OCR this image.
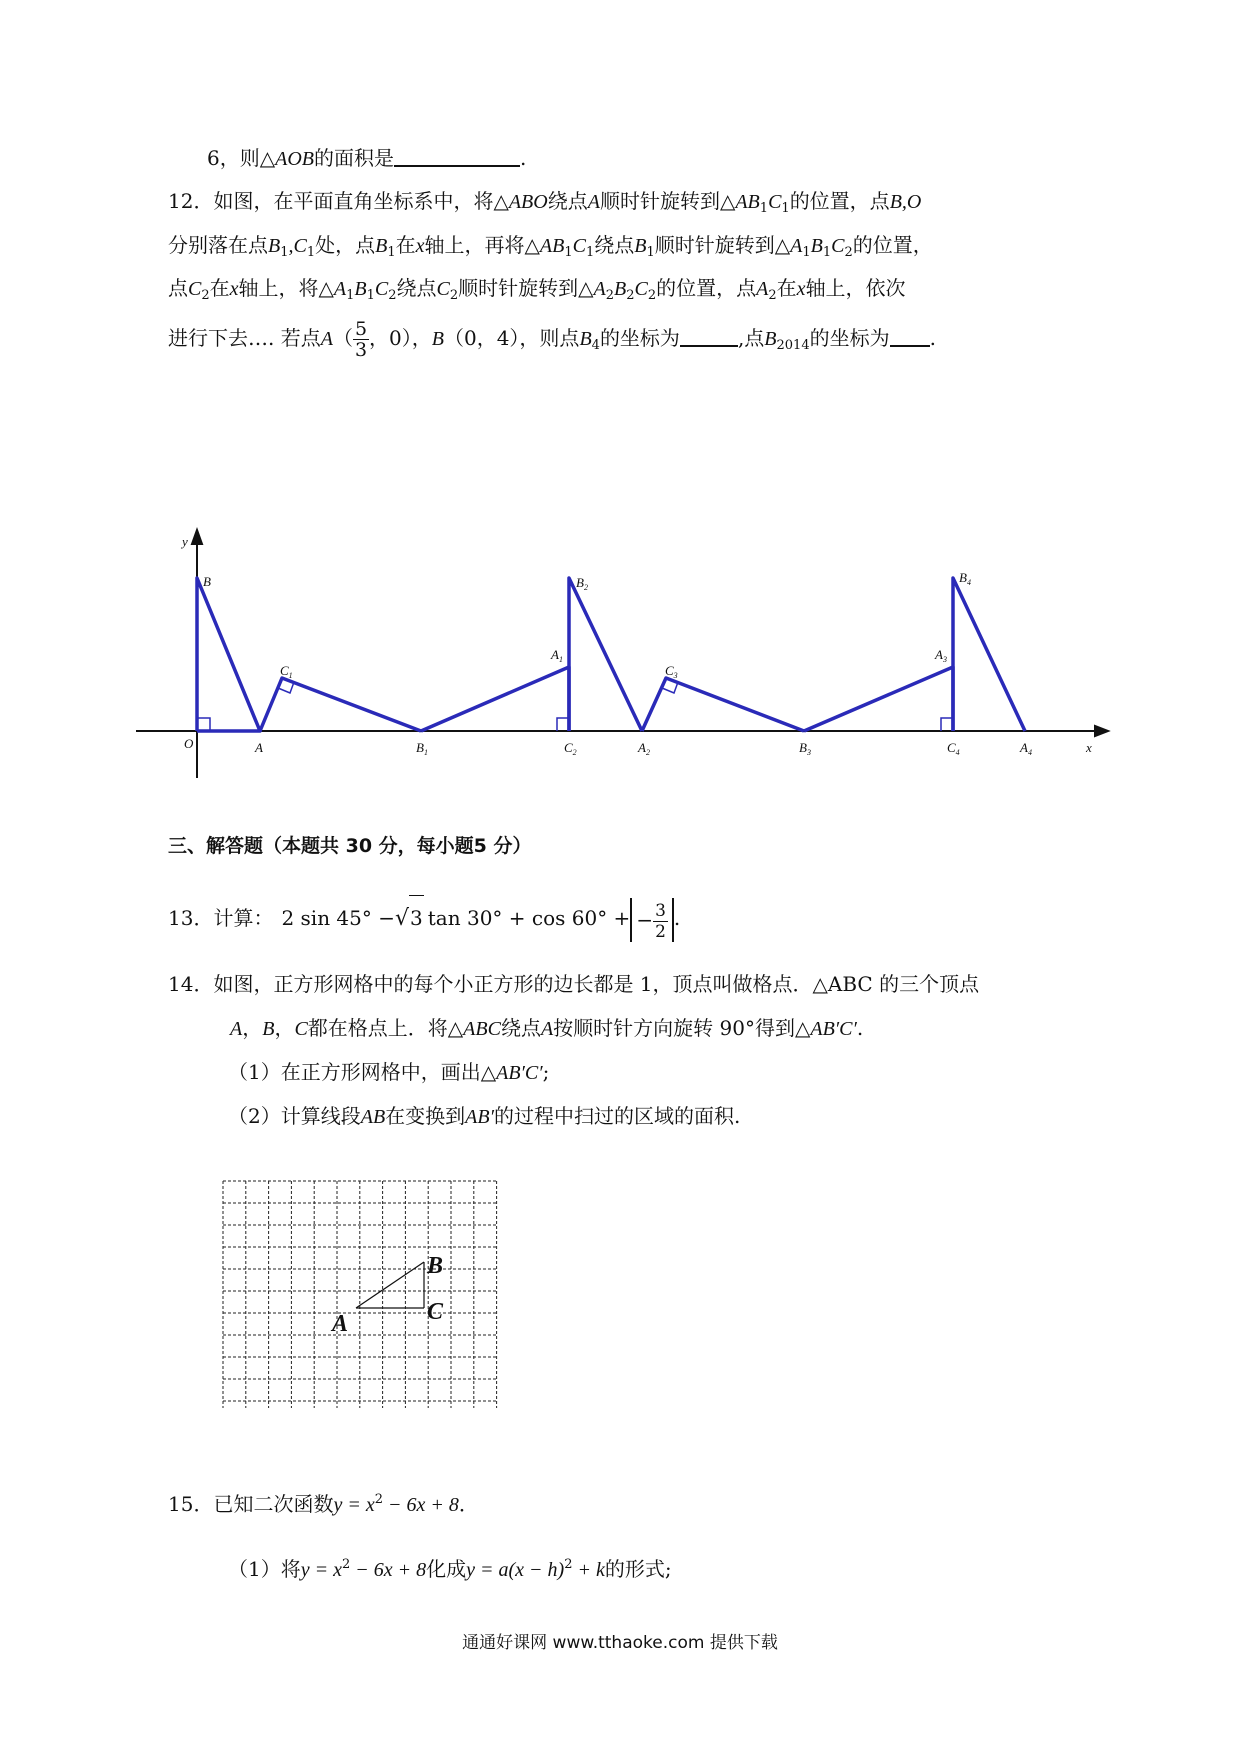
6，则△AOB的面积是	.
12．如图，在平面直角坐标系中，将△ABO绕点A顺时针旋转到$\triangle AB_1C_1$的位置，点B,O
分别落在点$B_1,C_1$处，点$B_1$在x轴上，再将$\triangle AB_1C_1$绕点$B_1$顺时针旋转到$\triangle A_1B_1C_2$的位置，
点$C_2$在x轴上，将$\triangle A_1B_1C_2$绕点$C_2$顺时针旋转到$\triangle A_2B_2C_2$的位置，点$A_2$在x轴上，依次
进行下去…. 若点$A( \frac{5}{3}$ ，0），B（0，4），则点$B_4$的坐标为	,点$B_{2014}$的坐标为 .
y
x
O
B
A
$C_1$
$B_1$
$A_1$
$B_2$
$C_2$	$A_2$
$C_3$
$B_3$
$A_3$
$B_4$
$C_4$	$A_4$
三、解答题（本题共 30 分，每小题5 分）
13．计算： 2 sin 45° −√3 tan 30° + cos 60° + − $\frac{3}{2}$ .
14．如图，正方形网格中的每个小正方形的边长都是 1，顶点叫做格点．△ABC 的三个顶点
A，B，C都在格点上．将△ABC绕点A按顺时针方向旋转 90°得到△AB′C′.
（1）在正方形网格中，画出△AB′C′;
（2）计算线段AB在变换到AB′的过程中扫过的区域的面积.
A
B
C
15．已知二次函数$y = x^2 - 6x + 8$．
（1）将$y = x^2 - 6x + 8$化成$y = a(x - h)^2 + k$的形式;
通通好课网 www.tthaoke.com 提供下载
